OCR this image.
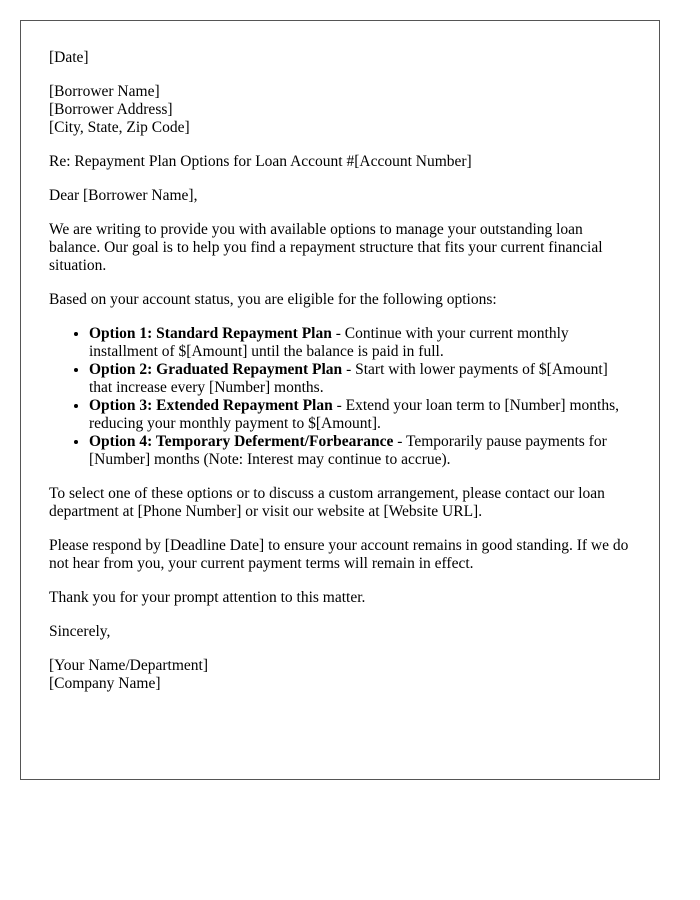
[Date]

[Borrower Name]
[Borrower Address]
[City, State, Zip Code]

Re: Repayment Plan Options for Loan Account #[Account Number]

Dear [Borrower Name],

We are writing to provide you with available options to manage your outstanding loan balance. Our goal is to help you find a repayment structure that fits your current financial situation.

Based on your account status, you are eligible for the following options:

• Option 1: Standard Repayment Plan - Continue with your current monthly installment of $[Amount] until the balance is paid in full.
• Option 2: Graduated Repayment Plan - Start with lower payments of $[Amount] that increase every [Number] months.
• Option 3: Extended Repayment Plan - Extend your loan term to [Number] months, reducing your monthly payment to $[Amount].
• Option 4: Temporary Deferment/Forbearance - Temporarily pause payments for [Number] months (Note: Interest may continue to accrue).

To select one of these options or to discuss a custom arrangement, please contact our loan department at [Phone Number] or visit our website at [Website URL].

Please respond by [Deadline Date] to ensure your account remains in good standing. If we do not hear from you, your current payment terms will remain in effect.

Thank you for your prompt attention to this matter.

Sincerely,

[Your Name/Department]
[Company Name]
